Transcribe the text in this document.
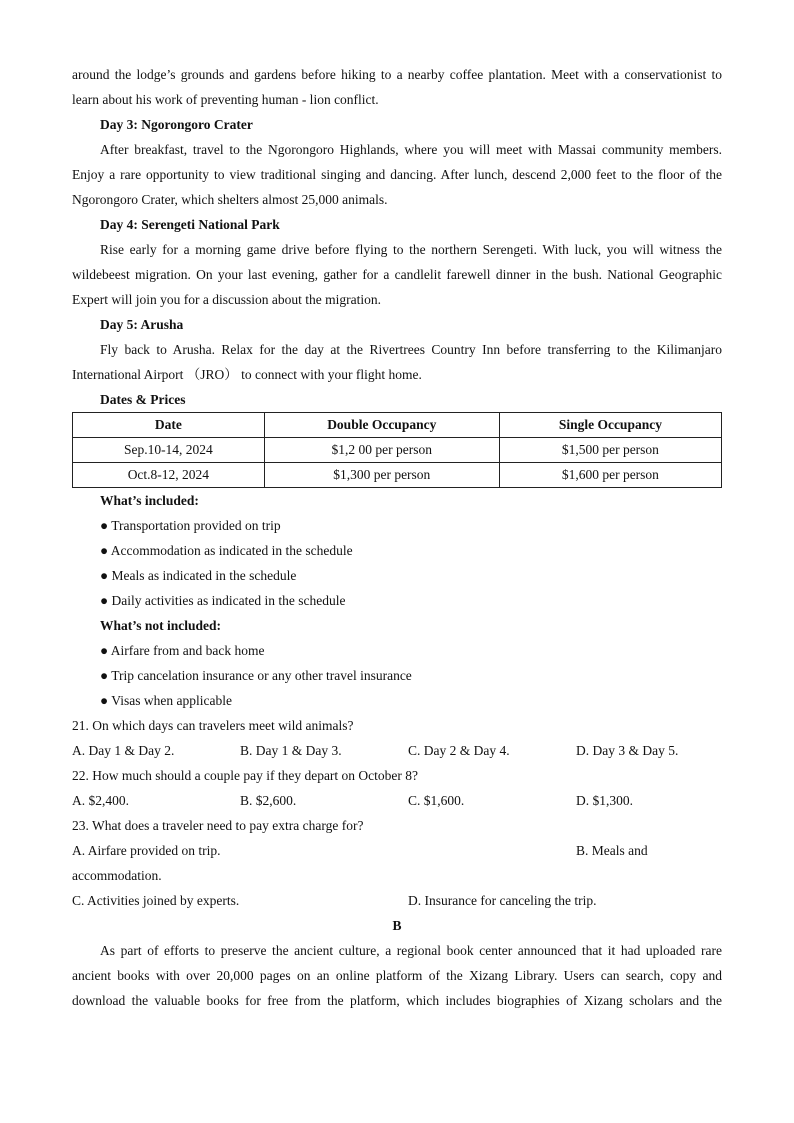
around the lodge’s grounds and gardens before hiking to a nearby coffee plantation. Meet with a conservationist to
learn about his work of preventing human - lion conflict.
Day 3: Ngorongoro Crater
After breakfast, travel to the Ngorongoro Highlands, where you will meet with Massai community members.
Enjoy a rare opportunity to view traditional singing and dancing. After lunch, descend 2,000 feet to the floor of the
Ngorongoro Crater, which shelters almost 25,000 animals.
Day 4: Serengeti National Park
Rise early for a morning game drive before flying to the northern Serengeti. With luck, you will witness the
wildebeest migration. On your last evening, gather for a candlelit farewell dinner in the bush. National Geographic
Expert will join you for a discussion about the migration.
Day 5: Arusha
Fly back to Arusha. Relax for the day at the Rivertrees Country Inn before transferring to the Kilimanjaro
International Airport （JRO） to connect with your flight home.
Dates & Prices
Date	Double Occupancy	Single Occupancy
Sep.10-14, 2024	$1,2 00 per person	$1,500 per person
Oct.8-12, 2024	$1,300 per person	$1,600 per person
What’s included:
● Transportation provided on trip
● Accommodation as indicated in the schedule
● Meals as indicated in the schedule
● Daily activities as indicated in the schedule
What’s not included:
● Airfare from and back home
● Trip cancelation insurance or any other travel insurance
● Visas when applicable
21. On which days can travelers meet wild animals?
A. Day 1 & Day 2.	B. Day 1 & Day 3.	C. Day 2 & Day 4.	D. Day 3 & Day 5.
22. How much should a couple pay if they depart on October 8?
A. $2,400.	B. $2,600.	C. $1,600.	D. $1,300.
23. What does a traveler need to pay extra charge for?
A. Airfare provided on trip.	B. Meals and
accommodation.
C. Activities joined by experts.	D. Insurance for canceling the trip.
B
As part of efforts to preserve the ancient culture, a regional book center announced that it had uploaded rare
ancient books with over 20,000 pages on an online platform of the Xizang Library. Users can search, copy and
download the valuable books for free from the platform, which includes biographies of Xizang scholars and the
